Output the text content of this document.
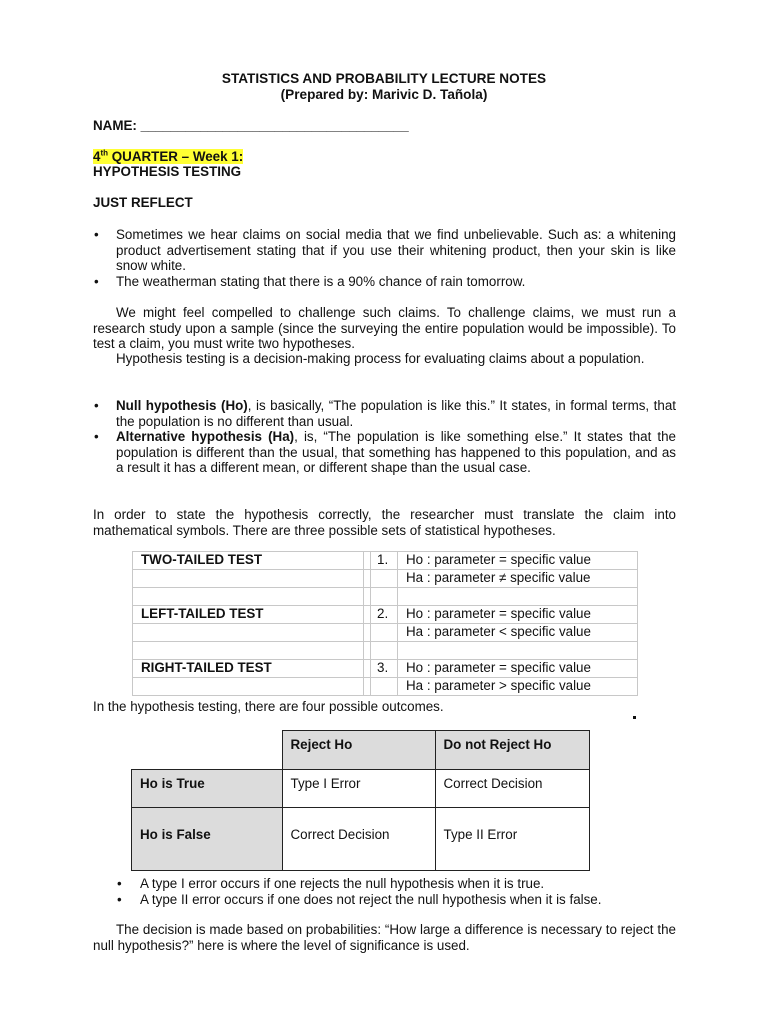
STATISTICS AND PROBABILITY LECTURE NOTES
(Prepared by: Marivic D. Tañola)
NAME: ____________________________________
4th QUARTER – Week 1:
HYPOTHESIS TESTING
JUST REFLECT
• Sometimes we hear claims on social media that we find unbelievable. Such as: a whitening product advertisement stating that if you use their whitening product, then your skin is like snow white.
• The weatherman stating that there is a 90% chance of rain tomorrow.
We might feel compelled to challenge such claims. To challenge claims, we must run a research study upon a sample (since the surveying the entire population would be impossible). To test a claim, you must write two hypotheses.
Hypothesis testing is a decision-making process for evaluating claims about a population.
• Null hypothesis (Ho), is basically, “The population is like this.” It states, in formal terms, that the population is no different than usual.
• Alternative hypothesis (Ha), is, “The population is like something else.” It states that the population is different than the usual, that something has happened to this population, and as a result it has a different mean, or different shape than the usual case.
In order to state the hypothesis correctly, the researcher must translate the claim into mathematical symbols. There are three possible sets of statistical hypotheses.
TWO-TAILED TEST		1.	Ho : parameter = specific value
			Ha : parameter ≠ specific value

LEFT-TAILED TEST		2.	Ho : parameter = specific value
			Ha : parameter < specific value

RIGHT-TAILED TEST		3.	Ho : parameter = specific value
			Ha : parameter > specific value
In the hypothesis testing, there are four possible outcomes.
	Reject Ho	Do not Reject Ho
Ho is True	Type I Error	Correct Decision
Ho is False	Correct Decision	Type II Error
• A type I error occurs if one rejects the null hypothesis when it is true.
• A type II error occurs if one does not reject the null hypothesis when it is false.
The decision is made based on probabilities: “How large a difference is necessary to reject the null hypothesis?” here is where the level of significance is used.
